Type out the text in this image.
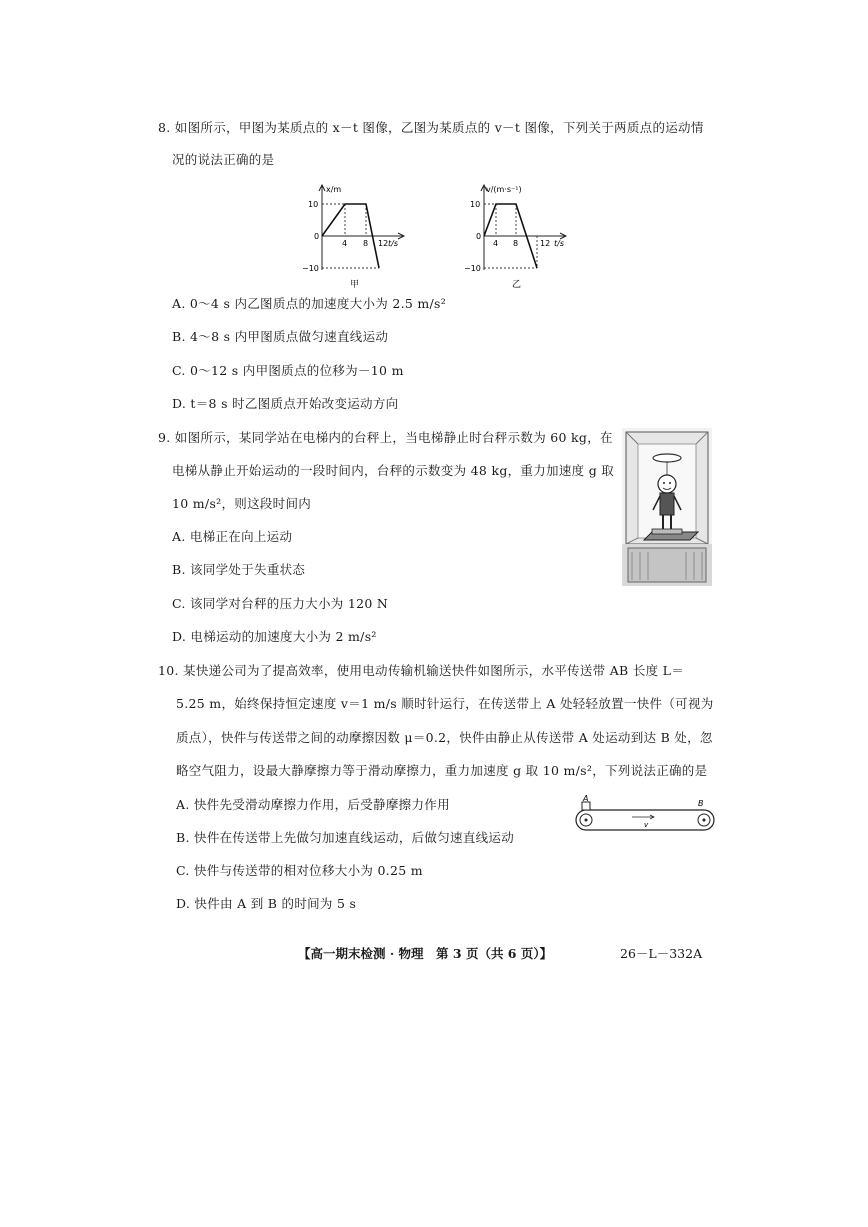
8. 如图所示，甲图为某质点的 x－t 图像，乙图为某质点的 v－t 图像，下列关于两质点的运动情
况的说法正确的是
x/m
t/s
10
0
−10
4 8 12
甲
v/(m·s⁻¹)
t/s
10
0
−10
4 8	12
乙
A. 0～4 s 内乙图质点的加速度大小为 2.5 m/s²
B. 4～8 s 内甲图质点做匀速直线运动
C. 0～12 s 内甲图质点的位移为－10 m
D. t＝8 s 时乙图质点开始改变运动方向
9. 如图所示，某同学站在电梯内的台秤上，当电梯静止时台秤示数为 60 kg，在
电梯从静止开始运动的一段时间内，台秤的示数变为 48 kg，重力加速度 g 取
10 m/s²，则这段时间内
A. 电梯正在向上运动
B. 该同学处于失重状态
C. 该同学对台秤的压力大小为 120 N
D. 电梯运动的加速度大小为 2 m/s²
10. 某快递公司为了提高效率，使用电动传输机输送快件如图所示，水平传送带 AB 长度 L＝
5.25 m，始终保持恒定速度 v＝1 m/s 顺时针运行，在传送带上 A 处轻轻放置一快件（可视为
质点），快件与传送带之间的动摩擦因数 μ＝0.2，快件由静止从传送带 A 处运动到达 B 处，忽
略空气阻力，设最大静摩擦力等于滑动摩擦力，重力加速度 g 取 10 m/s²，下列说法正确的是
A. 快件先受滑动摩擦力作用，后受静摩擦力作用
B. 快件在传送带上先做匀加速直线运动，后做匀速直线运动
C. 快件与传送带的相对位移大小为 0.25 m
D. 快件由 A 到 B 的时间为 5 s
A
B
v
【高一期末检测 · 物理　第 3 页（共 6 页）】	26－L－332A
